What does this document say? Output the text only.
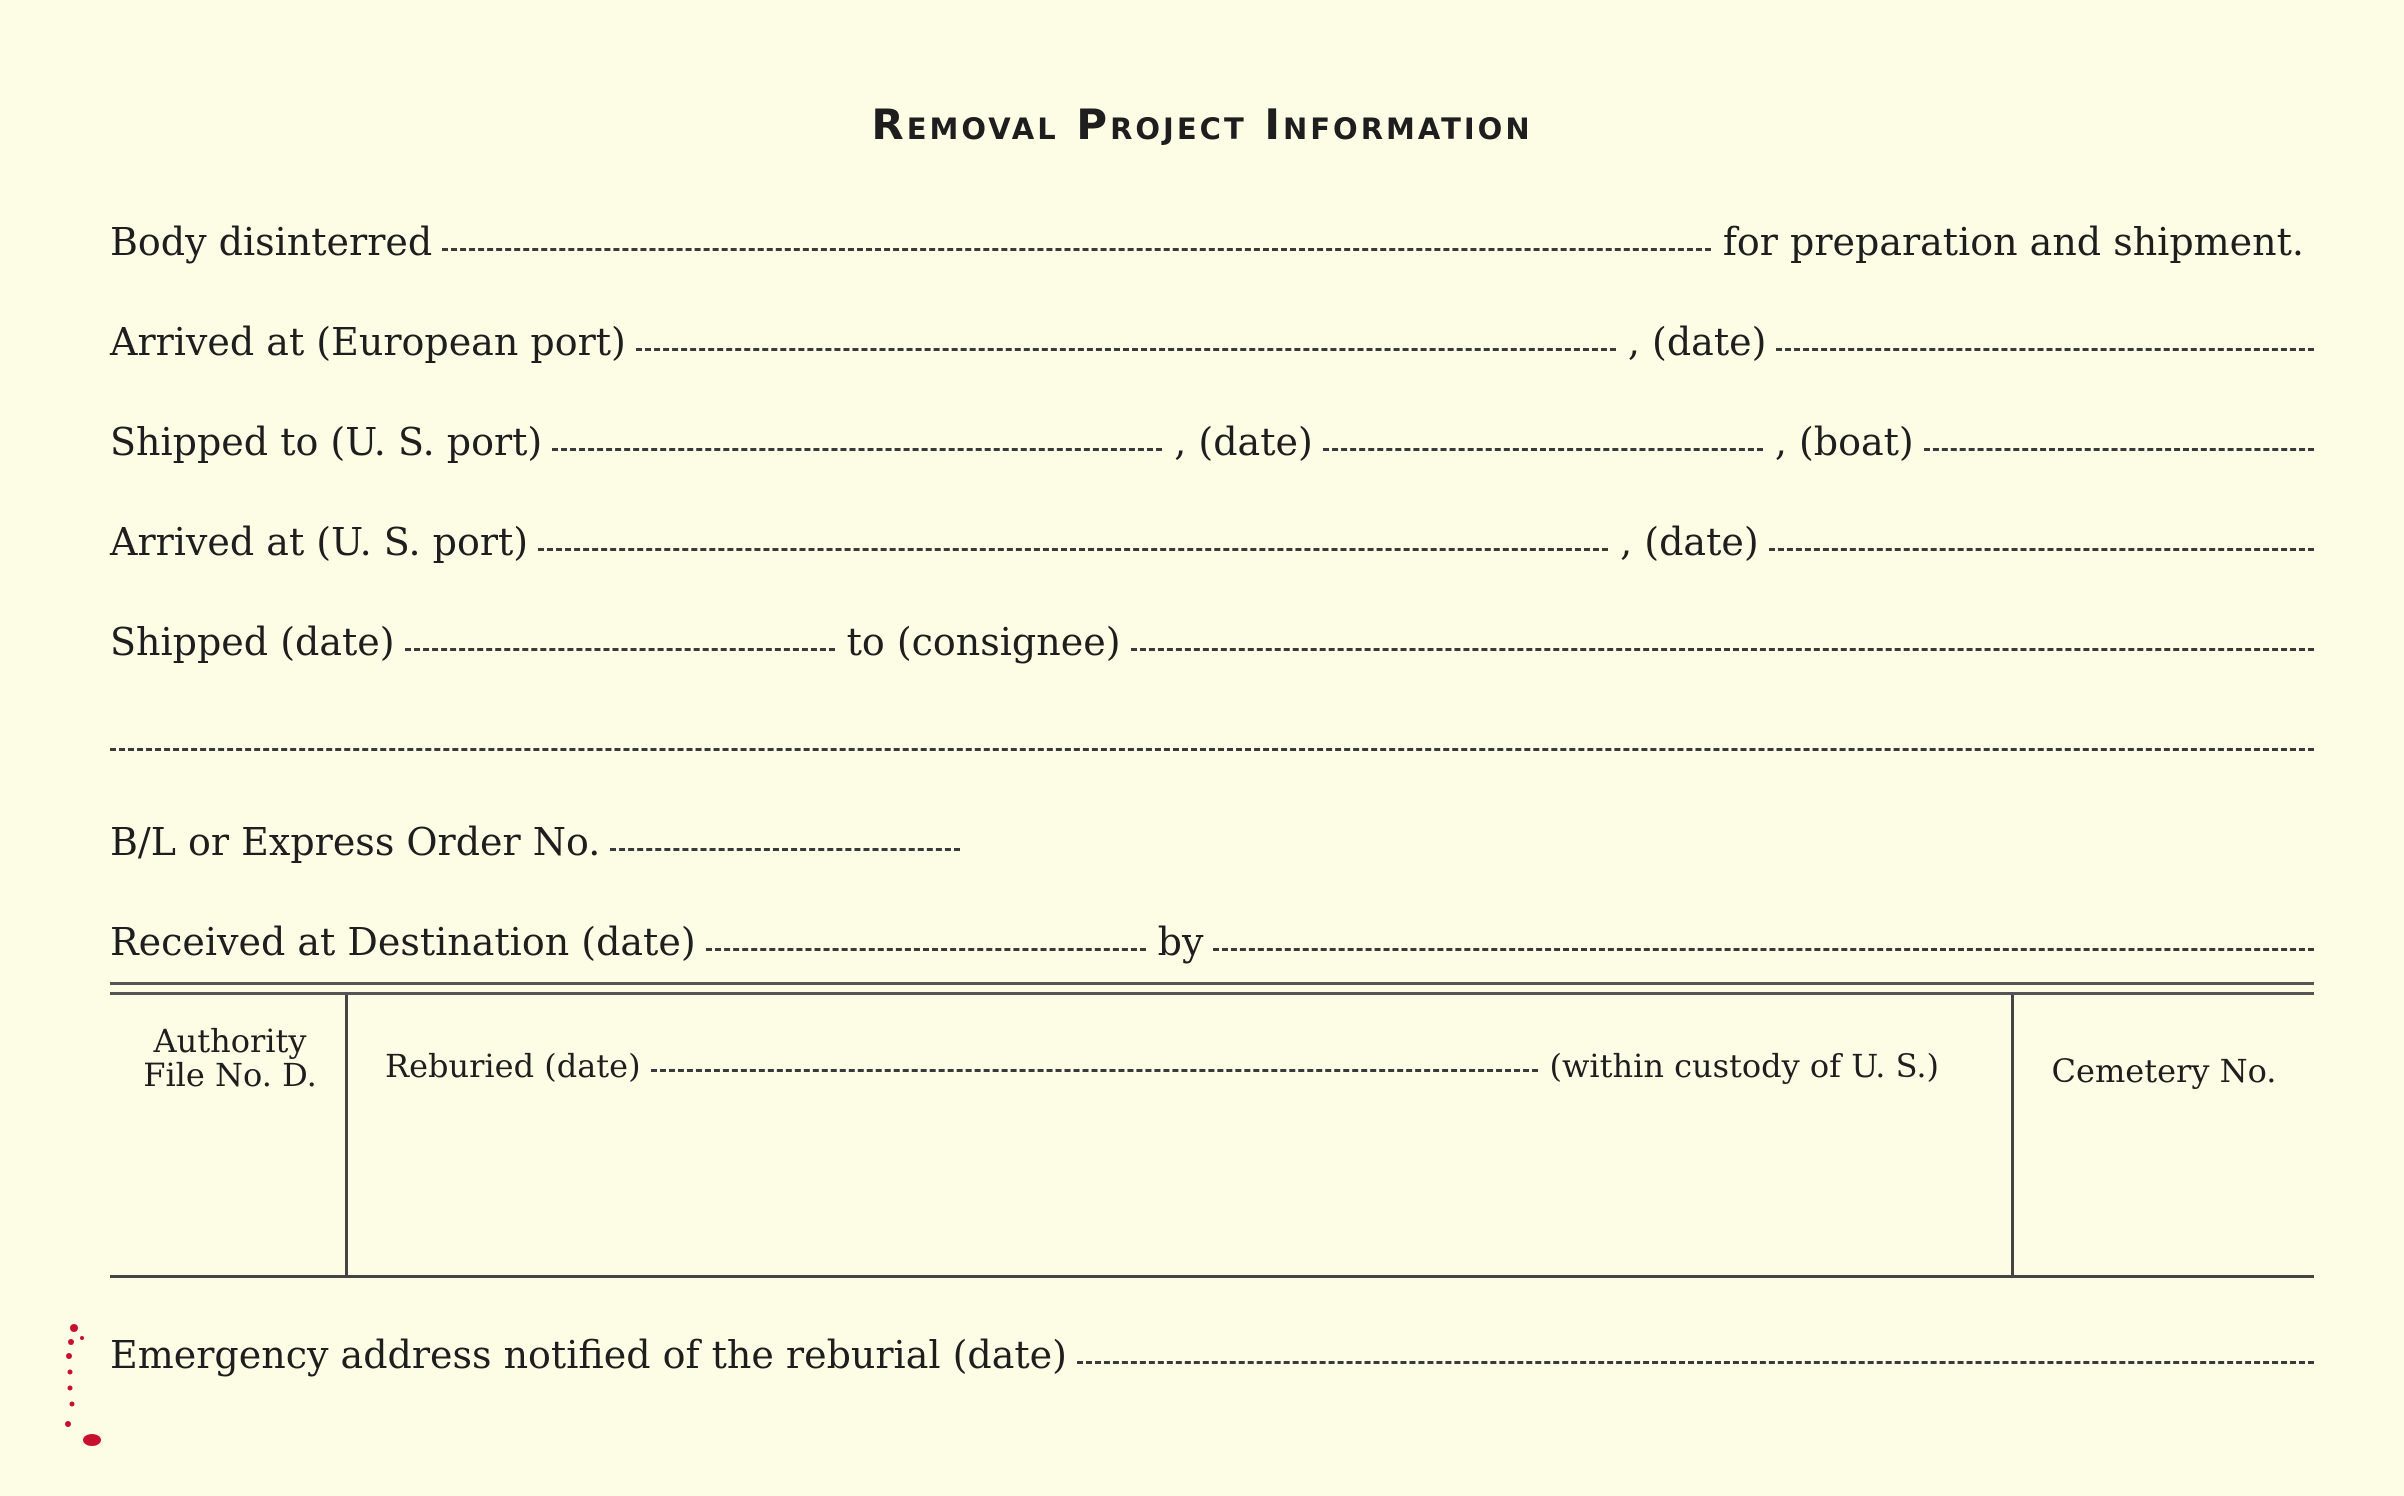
Removal Project Information
Body disinterred	for preparation and shipment.
Arrived at (European port)	, (date)
Shipped to (U. S. port)	, (date)	, (boat)
Arrived at (U. S. port)	, (date)
Shipped (date)	to (consignee)
B/L or Express Order No.
Received at Destination (date)	by
Authority
File No. D.	Reburied (date)	(within custody of U. S.)	Cemetery No.
Emergency address notified of the reburial (date)
